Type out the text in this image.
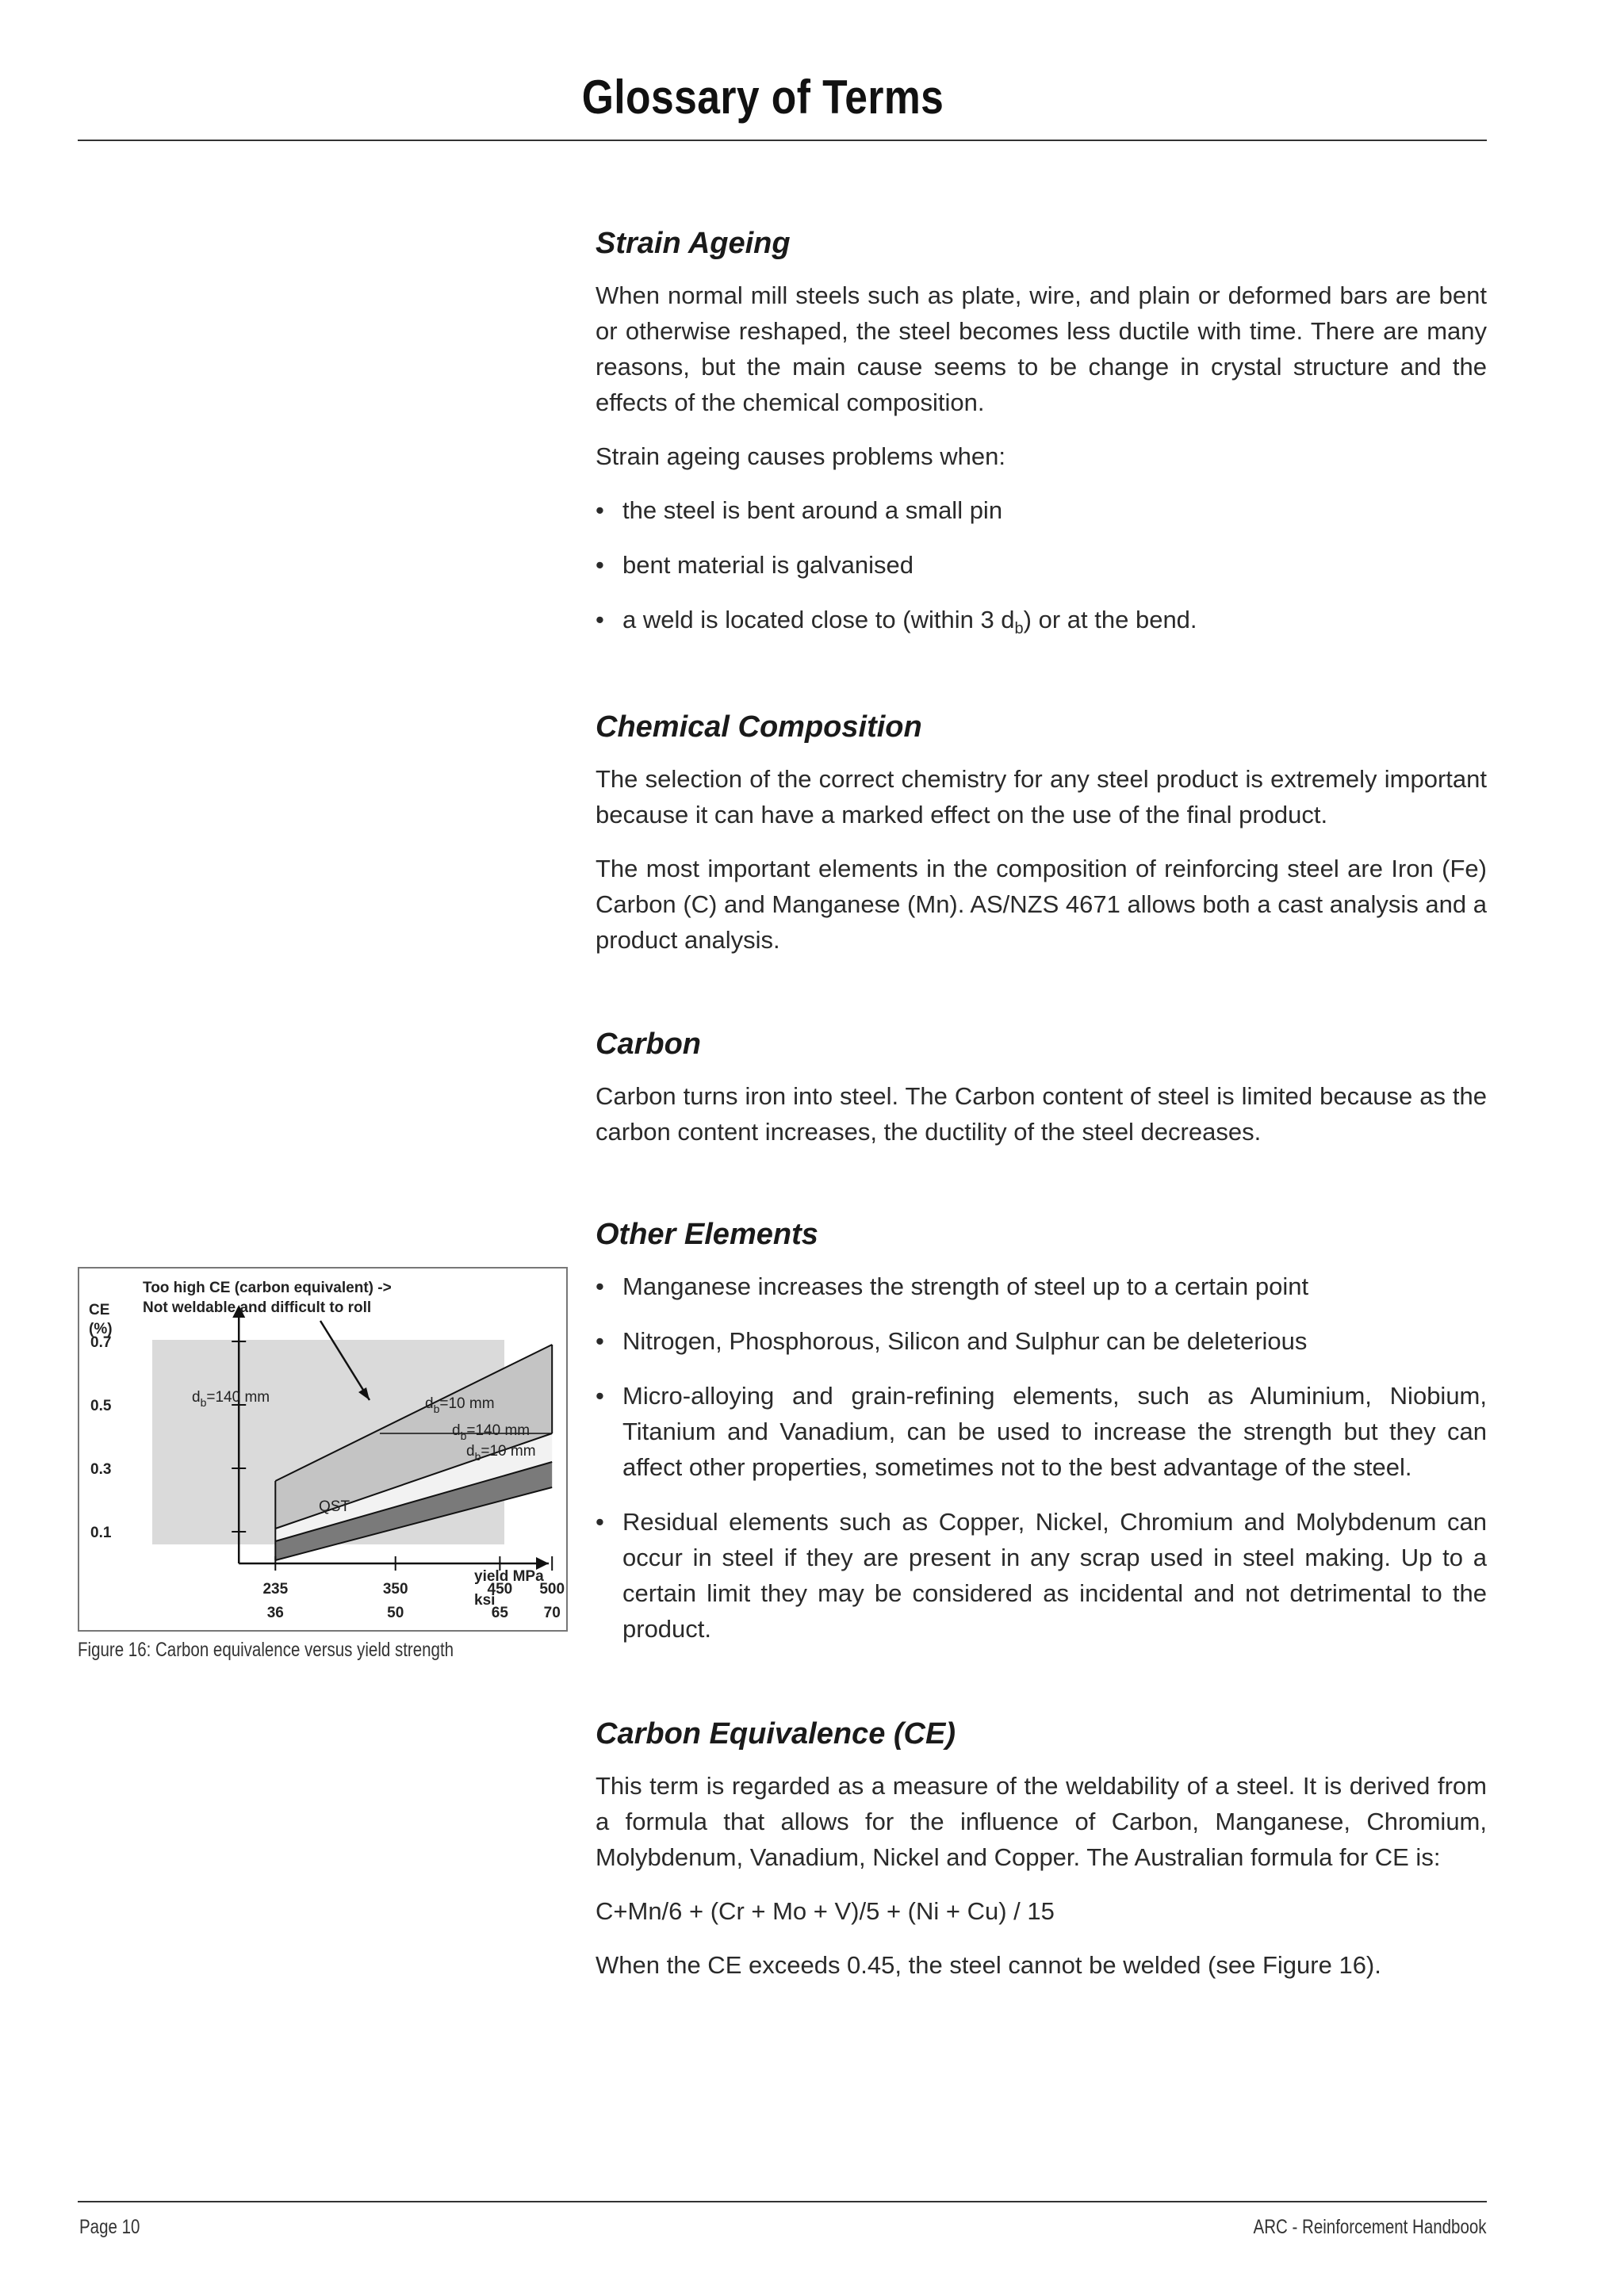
Glossary of Terms
Strain Ageing

When normal mill steels such as plate, wire, and plain or deformed bars are bent or otherwise reshaped, the steel becomes less ductile with time. There are many reasons, but the main cause seems to be change in crystal structure and the effects of the chemical composition.

Strain ageing causes problems when:

• the steel is bent around a small pin
• bent material is galvanised
• a weld is located close to (within 3 $d_b$) or at the bend.
Chemical Composition

The selection of the correct chemistry for any steel product is extremely important because it can have a marked effect on the use of the final product.

The most important elements in the composition of reinforcing steel are Iron (Fe) Carbon (C) and Manganese (Mn). AS/NZS 4671 allows both a cast analysis and a product analysis.

Carbon

Carbon turns iron into steel. The Carbon content of steel is limited because as the carbon content increases, the ductility of the steel decreases.

Other Elements
• Manganese increases the strength of steel up to a certain point
• Nitrogen, Phosphorous, Silicon and Sulphur can be deleterious
• Micro-alloying and grain-refining elements, such as Aluminium, Niobium, Titanium and Vanadium, can be used to increase the strength but they can affect other properties, sometimes not to the best advantage of the steel.
• Residual elements such as Copper, Nickel, Chromium and Molybdenum can occur in steel if they are present in any scrap used in steel making. Up to a certain limit they may be considered as incidental and not detrimental to the product.
Carbon Equivalence (CE)

This term is regarded as a measure of the weldability of a steel. It is derived from a formula that allows for the influence of Carbon, Manganese, Chromium, Molybdenum, Vanadium, Nickel and Copper. The Australian formula for CE is:

C+Mn/6 + (Cr + Mo + V)/5 + (Ni + Cu) / 15

When the CE exceeds 0.45, the steel cannot be welded (see Figure 16).

0.1
0.3
0.5
0.7
235
36
350
50
450
65
500
70
Too high CE (carbon equivalent) ->
Not weldable and difficult to roll
CE
(%)
yield MPa
ksi
$d_b=140$ mm	$d_b=10$ mm
$d_b=140$ mm
$d_b=10$ mm
QST
Figure 16: Carbon equivalence versus yield strength
Page 10	ARC - Reinforcement Handbook
